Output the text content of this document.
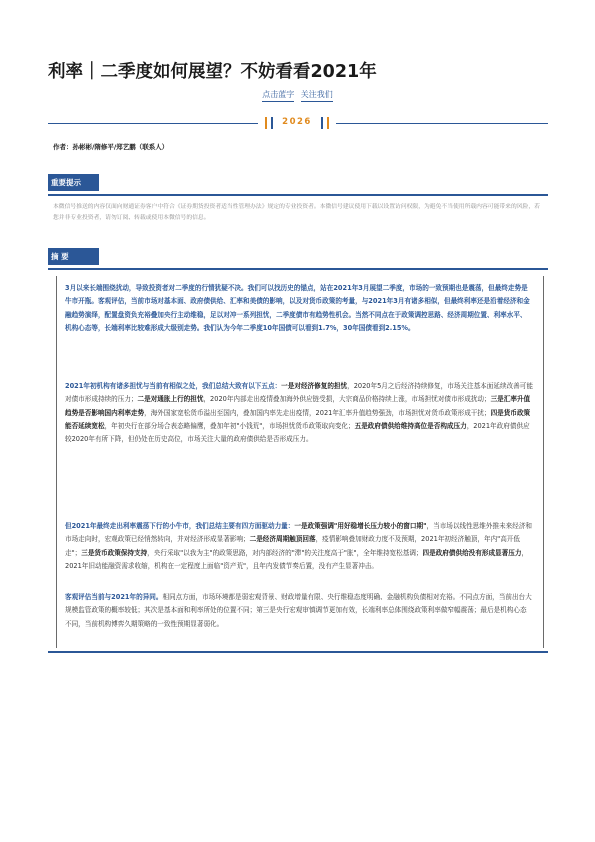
利率｜二季度如何展望？不妨看看2021年
点击蓝字 关注我们
2026
作者：孙彬彬/隋修平/郑艺鹏（联系人）
重要提示
本微信号推送的内容仅面向财通证券客户中符合《证券期货投资者适当性管理办法》规定的专业投资者。本微信号建议使用下载以设置访问权限，为避免不当使用所载内容可能带来的风险，若您并非专业投资者，请勿订阅、转载或使用本微信号的信息。
摘 要
3月以来长端围绕扰动，导致投资者对二季度的行情犹疑不决。我们可以找历史的锚点，站在2021年3月展望二季度，市场的一致预期也是震荡，但最终走势是牛市开瓶。客观评估，当前市场对基本面、政府债供给、汇率和美债的影响，以及对货币政策的考量，与2021年3月有诸多相似，但最终利率还是沿着经济和金融趋势演绎，配置盘资负充裕叠加央行主动维稳，足以对冲一系列担忧，二季度债市有趋势性机会。当然不同点在于政策调控思路、经济周期位置、利率水平、机构心态等，长端利率比较难形成大级别走势。我们认为今年二季度10年国债可以看到1.7%，30年国债看到2.15%。
2021年初机构有诸多担忧与当前有相似之处，我们总结大致有以下五点：一是对经济修复的担忧，2020年5月之后经济持续修复，市场关注基本面延续改善可能对债市形成持续的压力；二是对通胀上行的担忧，2020年内部走出疫情叠加海外供应链受损，大宗商品价格持续上涨，市场担忧对债市形成扰动；三是汇率升值趋势是否影响国内利率走势，海外国家宽松货币溢出至国内，叠加国内率先走出疫情，2021年汇率升值趋势强劲，市场担忧对货币政策形成干扰；四是货币政策能否延续宽松，年初央行在部分场合表态略偏鹰，叠加年初"小钱荒"，市场担忧货币政策取向变化；五是政府债供给维持高位是否构成压力，2021年政府债供应较2020年有所下降，但仍处在历史高位，市场关注大量的政府债供给是否形成压力。
但2021年最终走出利率震荡下行的小牛市，我们总结主要有四方面驱动力量：一是政策强调"用好稳增长压力较小的窗口期"，当市场以线性思维外推未来经济和市场走向时，宏观政策已经悄然转向，并对经济形成显著影响；二是经济周期触顶回落，疫情影响叠加财政力度不及预期，2021年初经济触顶，年内"高开低走"；三是货币政策保持支持，央行采取"以我为主"的政策思路，对内部经济的"滞"的关注度高于"胀"，全年维持宽松基调；四是政府债供给没有形成显著压力，2021年旧动能融资需求收缩，机构在一定程度上面临"资产荒"，且年内发债节奏后置，没有产生显著冲击。
客观评估当前与2021年的异同。相同点方面，市场环境都是弱宏观背景、财政增量有限、央行维稳态度明确、金融机构负债相对充裕。不同点方面，当前出台大规模监管政策的概率较低；其次是基本面和利率所处的位置不同；第三是央行宏观审慎调节更加有效，长端利率总体围绕政策利率做窄幅震荡；最后是机构心态不同，当前机构博弈久期策略的一致性预期显著弱化。
